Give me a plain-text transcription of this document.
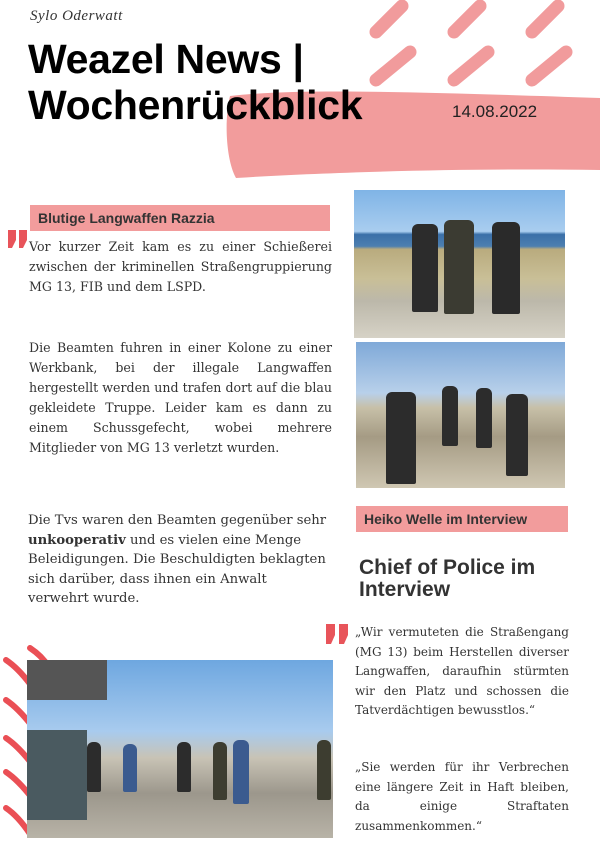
Sylo Oderwatt
Weazel News |
Wochenrückblick	14.08.2022
Blutige Langwaffen Razzia
Vor kurzer Zeit kam es zu einer Schießerei zwischen der kriminellen Straßengruppierung MG 13, FIB und dem LSPD.
Die Beamten fuhren in einer Kolone zu einer Werkbank, bei der illegale Langwaffen hergestellt werden und trafen dort auf die blau gekleidete Truppe. Leider kam es dann zu einem Schussgefecht, wobei mehrere Mitglieder von MG 13 verletzt wurden.
Die Tvs waren den Beamten gegenüber sehr unkooperativ und es vielen eine Menge Beleidigungen. Die Beschuldigten beklagten sich darüber, dass ihnen ein Anwalt verwehrt wurde.
Heiko Welle im Interview
Chief of Police im Interview
„Wir vermuteten die Straßengang (MG 13) beim Herstellen diverser Langwaffen, daraufhin stürmten wir den Platz und schossen die Tatverdächtigen bewusstlos.“
„Sie werden für ihr Verbrechen eine längere Zeit in Haft bleiben, da einige Straftaten zusammenkommen.“
